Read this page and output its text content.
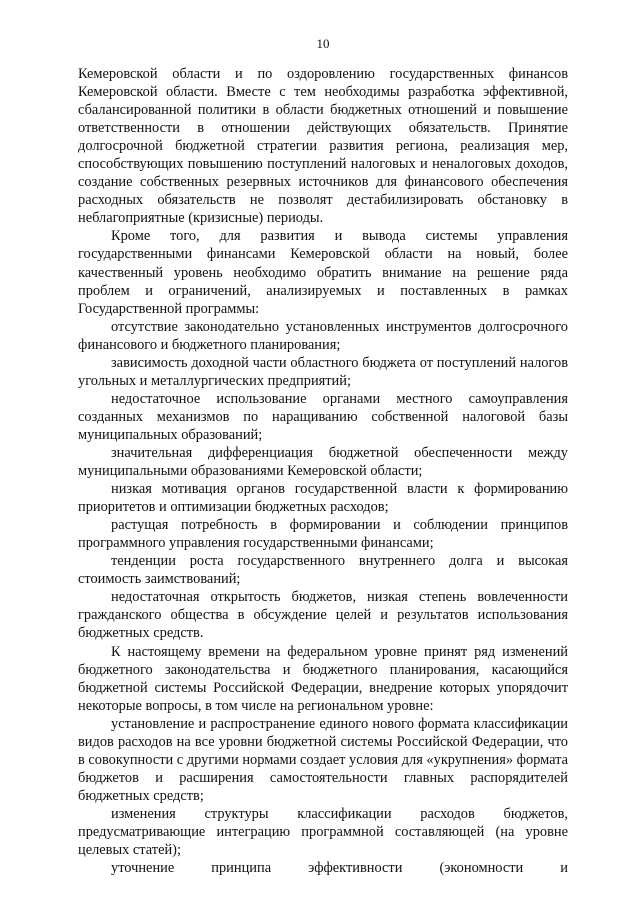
10

Кемеровской области и по оздоровлению государственных финансов Кемеровской области. Вместе с тем необходимы разработка эффективной, сбалансированной политики в области бюджетных отношений и повышение ответственности в отношении действующих обязательств. Принятие долгосрочной бюджетной стратегии развития региона, реализация мер, способствующих повышению поступлений налоговых и неналоговых доходов, создание собственных резервных источников для финансового обеспечения расходных обязательств не позволят дестабилизировать обстановку в неблагоприятные (кризисные) периоды.

Кроме того, для развития и вывода системы управления государственными финансами Кемеровской области на новый, более качественный уровень необходимо обратить внимание на решение ряда проблем и ограничений, анализируемых и поставленных в рамках Государственной программы:

отсутствие законодательно установленных инструментов долгосрочного финансового и бюджетного планирования;

зависимость доходной части областного бюджета от поступлений налогов угольных и металлургических предприятий;

недостаточное использование органами местного самоуправления созданных механизмов по наращиванию собственной налоговой базы муниципальных образований;

значительная дифференциация бюджетной обеспеченности между муниципальными образованиями Кемеровской области;

низкая мотивация органов государственной власти к формированию приоритетов и оптимизации бюджетных расходов;

растущая потребность в формировании и соблюдении принципов программного управления государственными финансами;

тенденции роста государственного внутреннего долга и высокая стоимость заимствований;

недостаточная открытость бюджетов, низкая степень вовлеченности гражданского общества в обсуждение целей и результатов использования бюджетных средств.

К настоящему времени на федеральном уровне принят ряд изменений бюджетного законодательства и бюджетного планирования, касающийся бюджетной системы Российской Федерации, внедрение которых упорядочит некоторые вопросы, в том числе на региональном уровне:

установление и распространение единого нового формата классификации видов расходов на все уровни бюджетной системы Российской Федерации, что в совокупности с другими нормами создает условия для «укрупнения» формата бюджетов и расширения самостоятельности главных распорядителей бюджетных средств;

изменения структуры классификации расходов бюджетов, предусматривающие интеграцию программной составляющей (на уровне целевых статей);

уточнение принципа эффективности (экономности и
